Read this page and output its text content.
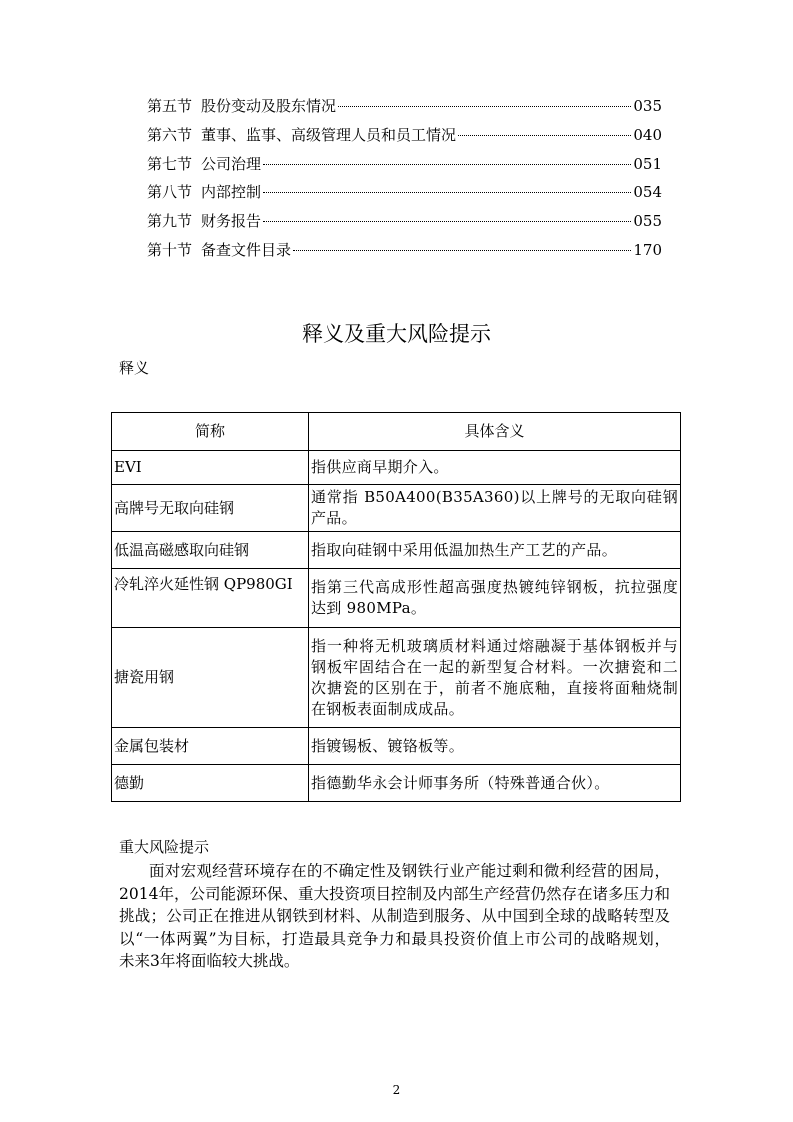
第五节 股份变动及股东情况	035
第六节 董事、监事、高级管理人员和员工情况	040
第七节 公司治理	051
第八节 内部控制	054
第九节 财务报告	055
第十节 备查文件目录	170
释义及重大风险提示
释义
简称	具体含义
EVI	指供应商早期介入。
高牌号无取向硅钢	通常指 B50A400(B35A360)以上牌号的无取向硅钢产品。
低温高磁感取向硅钢	指取向硅钢中采用低温加热生产工艺的产品。
冷轧淬火延性钢 QP980GI	指第三代高成形性超高强度热镀纯锌钢板，抗拉强度达到 980MPa。
搪瓷用钢	指一种将无机玻璃质材料通过熔融凝于基体钢板并与钢板牢固结合在一起的新型复合材料。一次搪瓷和二次搪瓷的区别在于，前者不施底釉，直接将面釉烧制在钢板表面制成成品。
金属包装材	指镀锡板、镀铬板等。
德勤	指德勤华永会计师事务所（特殊普通合伙）。
重大风险提示
面对宏观经营环境存在的不确定性及钢铁行业产能过剩和微利经营的困局，
2014年，公司能源环保、重大投资项目控制及内部生产经营仍然存在诸多压力和
挑战；公司正在推进从钢铁到材料、从制造到服务、从中国到全球的战略转型及
以“一体两翼”为目标，打造最具竞争力和最具投资价值上市公司的战略规划，
未来3年将面临较大挑战。
2
